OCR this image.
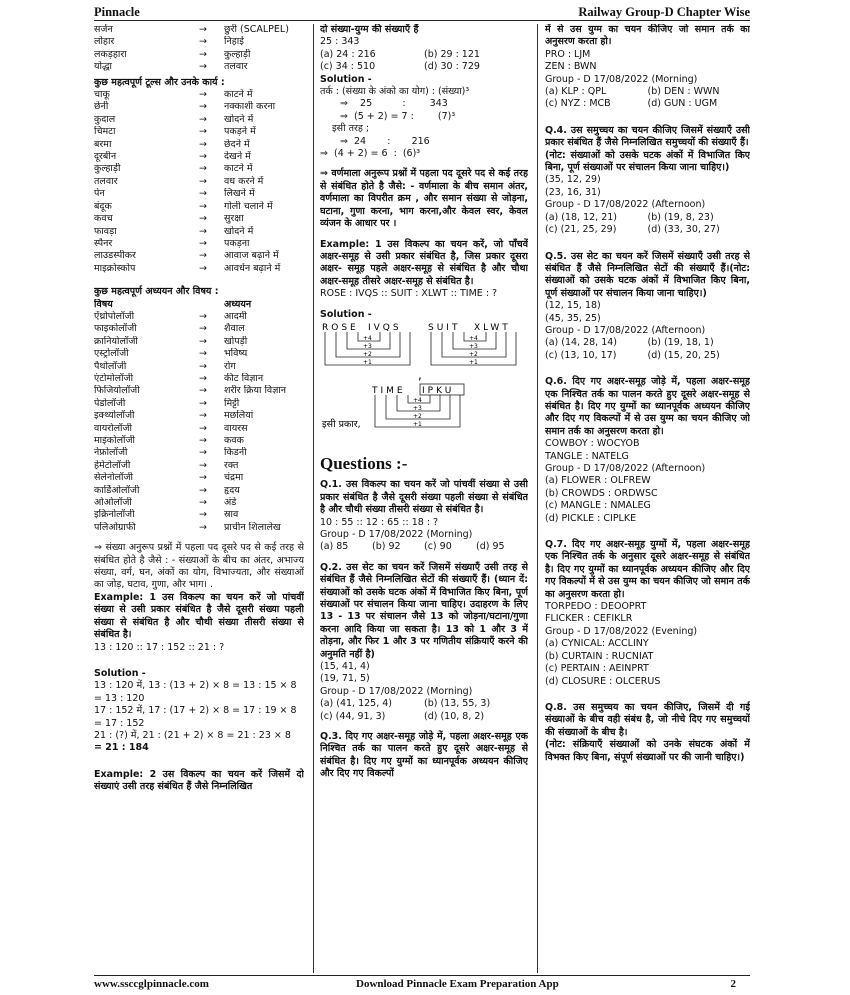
Pinnacle	Railway Group-D Chapter Wise
सर्जन	→	छुरी (SCALPEL)
लोहार	→	निहाई
लकड़हारा	→	कुल्हाड़ी
योद्धा	→	तलवार
कुछ महत्वपूर्ण टूल्स और उनके कार्य :
चाकू	→	काटने में
छेनी	→	नक्काशी करना
कुदाल	→	खोदने में
चिमटा	→	पकड़ने में
बरमा	→	छेदने में
दूरबीन	→	देखने में
कुल्हाड़ी	→	काटने में
तलवार	→	वध करने में
पेन	→	लिखने में
बंदूक	→	गोली चलाने में
कवच	→	सुरक्षा
फावड़ा	→	खोदने में
स्पैनर	→	पकड़ना
लाउडस्पीकर	→	आवाज बढ़ाने में
माइक्रोस्कोप	→	आवर्धन बढ़ाने में
कुछ महत्वपूर्ण अध्ययन और विषय :
विषय	अध्ययन
ऐंथ्रोपोलॉजी	→	आदमी
फाइकोलॉजी	→	शैवाल
क्रानियोलॉजी	→	खोपड़ी
एस्ट्रोलॉजी	→	भविष्य
पैथोलॉजी	→	रोग
एंटोमोलॉजी	→	कीट विज्ञान
फिजियोलॉजी	→	शरीर क्रिया विज्ञान
पेडोलॉजी	→	मिट्टी
इक्थ्योलॉजी	→	मछलियां
वायरोलॉजी	→	वायरस
माइकोलॉजी	→	कवक
नेफ्रोलॉजी	→	किडनी
हेमेटोलॉजी	→	रक्त
सेलेनोलॉजी	→	चंद्रमा
कार्डिओलॉजी	→	हृदय
ओओलॉजी	→	अंडे
इक्रिनोलॉजी	→	स्राव
पलिओग्राफी	→	प्राचीन शिलालेख
⇒ संख्या अनुरूप प्रश्नों में पहला पद दूसरे पद से कई तरह से संबंधित होते है जैसे : - संख्याओं के बीच का अंतर, अभाज्य संख्या, वर्ग, घन, अंकों का योग, विभाज्यता, और संख्याओं का जोड़, घटाव, गुणा, और भाग। .
Example: 1 उस विकल्प का चयन करें जो पांचवीं संख्या से उसी प्रकार संबंधित है जैसे दूसरी संख्या पहली संख्या से संबंधित है और चौथी संख्या तीसरी संख्या से संबंधित है।
13 : 120 :: 17 : 152 :: 21 : ?
Solution -
13 : 120 में, 13 : (13 + 2) × 8 = 13 : 15 × 8
= 13 : 120
17 : 152 में, 17 : (17 + 2) × 8 = 17 : 19 × 8
= 17 : 152
21 : (?) में, 21 : (21 + 2) × 8 = 21 : 23 × 8
= 21 : 184
Example: 2 उस विकल्प का चयन करें जिसमें दो संख्याएं उसी तरह संबंधित हैं जैसे निम्नलिखित
दो संख्या-युग्म की संख्याएँ हैं
25 : 343
(a) 24 : 216	(b) 29 : 121
(c) 34 : 510	(d) 30 : 729
Solution -
तर्क : (संख्या के अंको का योग) : (संख्या)³
⇒    25          :        343
⇒  (5 + 2) = 7 :        (7)³
इसी तरह ;
⇒  24       :       216
⇒  (4 + 2) = 6  :  (6)³
⇒ वर्णमाला अनुरूप प्रश्नों में पहला पद दूसरे पद से कई तरह से संबंधित होते है जैसे: - वर्णमाला के बीच समान अंतर, वर्णमाला का विपरीत क्रम , और समान संख्या से जोड़ना, घटाना, गुणा करना, भाग करना,और केवल स्वर, केवल व्यंजन के आधार पर ।
Example: 1 उस विकल्प का चयन करें, जो पाँचवें अक्षर-समूह से उसी प्रकार संबंधित है, जिस प्रकार दूसरा अक्षर- समूह पहले अक्षर-समूह से संबंधित है और चौथा अक्षर-समूह तीसरे अक्षर-समूह से संबंधित है।
ROSE : IVQS :: SUIT : XLWT :: TIME : ?
Solution -
ROSE IVQS	SUIT XLWT
+4
+3
+2
+1
+4
+3
+2
+1
,
TIME IPKU
+4
+3
+2
+1
इसी प्रकार,
Questions :-
Q.1. उस विकल्प का चयन करें जो पांचवीं संख्या से उसी प्रकार संबंधित है जैसे दूसरी संख्या पहली संख्या से संबंधित है और चौथी संख्या तीसरी संख्या से संबंधित है।
10 : 55 :: 12 : 65 :: 18 : ?
Group - D 17/08/2022 (Morning)
(a) 85	(b) 92	(c) 90	(d) 95
Q.2. उस सेट का चयन करें जिसमें संख्याएँ उसी तरह से संबंधित हैं जैसे निम्नलिखित सेटों की संख्याएँ हैं। (ध्यान दें: संख्याओं को उसके घटक अंकों में विभाजित किए बिना, पूर्ण संख्याओं पर संचालन किया जाना चाहिए। उदाहरण के लिए 13 - 13 पर संचालन जैसे 13 को जोड़ना/घटाना/गुणा करना आदि किया जा सकता है। 13 को 1 और 3 में तोड़ना, और फिर 1 और 3 पर गणितीय संक्रियाएँ करने की अनुमति नहीं है)
(15, 41, 4)
(19, 71, 5)
Group - D 17/08/2022 (Morning)
(a) (41, 125, 4)	(b) (13, 55, 3)
(c) (44, 91, 3)	(d) (10, 8, 2)
Q.3. दिए गए अक्षर-समूह जोड़े में, पहला अक्षर-समूह एक निश्चित तर्क का पालन करते हुए दूसरे अक्षर-समूह से संबंधित है। दिए गए युग्मों का ध्यानपूर्वक अध्ययन कीजिए और दिए गए विकल्पों
में से उस युग्म का चयन कीजिए जो समान तर्क का अनुसरण करता हो।
PRO : LJM
ZEN : BWN
Group - D 17/08/2022 (Morning)
(a) KLP : QPL	(b) DEN : WWN
(c) NYZ : MCB	(d) GUN : UGM
Q.4. उस समुच्चय का चयन कीजिए जिसमें संख्याएँ उसी प्रकार संबंधित हैं जैसे निम्नलिखित समुच्चयों की संख्याएँ हैं।
(नोट: संख्याओं को उसके घटक अंकों में विभाजित किए बिना, पूर्ण संख्याओं पर संचालन किया जाना चाहिए।)
(35, 12, 29)
(23, 16, 31)
Group - D 17/08/2022 (Afternoon)
(a) (18, 12, 21)	(b) (19, 8, 23)
(c) (21, 25, 29)	(d) (33, 30, 27)
Q.5. उस सेट का चयन करें जिसमें संख्याएँ उसी तरह से संबंधित हैं जैसे निम्नलिखित सेटों की संख्याएँ हैं।(नोट: संख्याओं को उसके घटक अंकों में विभाजित किए बिना, पूर्ण संख्याओं पर संचालन किया जाना चाहिए।)
(12, 15, 18)
(45, 35, 25)
Group - D 17/08/2022 (Afternoon)
(a) (14, 28, 14)	(b) (19, 18, 1)
(c) (13, 10, 17)	(d) (15, 20, 25)
Q.6. दिए गए अक्षर-समूह जोड़े में, पहला अक्षर-समूह एक निश्चित तर्क का पालन करते हुए दूसरे अक्षर-समूह से संबंधित है। दिए गए युग्मों का ध्यानपूर्वक अध्ययन कीजिए और दिए गए विकल्पों में से उस युग्म का चयन कीजिए जो समान तर्क का अनुसरण करता हो।
COWBOY : WOCYOB
TANGLE : NATELG
Group - D 17/08/2022 (Afternoon)
(a) FLOWER : OLFREW
(b) CROWDS : ORDWSC
(c) MANGLE : NMALEG
(d) PICKLE : CIPLKE
Q.7. दिए गए अक्षर-समूह युग्मों में, पहला अक्षर-समूह एक निश्चित तर्क के अनुसार दूसरे अक्षर-समूह से संबंधित है। दिए गए युग्मों का ध्यानपूर्वक अध्ययन कीजिए और दिए गए विकल्पों में से उस युग्म का चयन कीजिए जो समान तर्क का अनुसरण करता हो।
TORPEDO : DEOOPRT
FLICKER : CEFIKLR
Group - D 17/08/2022 (Evening)
(a) CYNICAL: ACCLINY
(b) CURTAIN : RUCNIAT
(c) PERTAIN : AEINPRT
(d) CLOSURE : OLCERUS
Q.8. उस समुच्चय का चयन कीजिए, जिसमें दी गई संख्याओं के बीच वही संबंध है, जो नीचे दिए गए समुच्चयों की संख्याओं के बीच है।
(नोट: संक्रियाएँ संख्याओं को उनके संघटक अंकों में विभक्त किए बिना, संपूर्ण संख्याओं पर की जानी चाहिए।)
www.ssccglpinnacle.com	Download Pinnacle Exam Preparation App	2
